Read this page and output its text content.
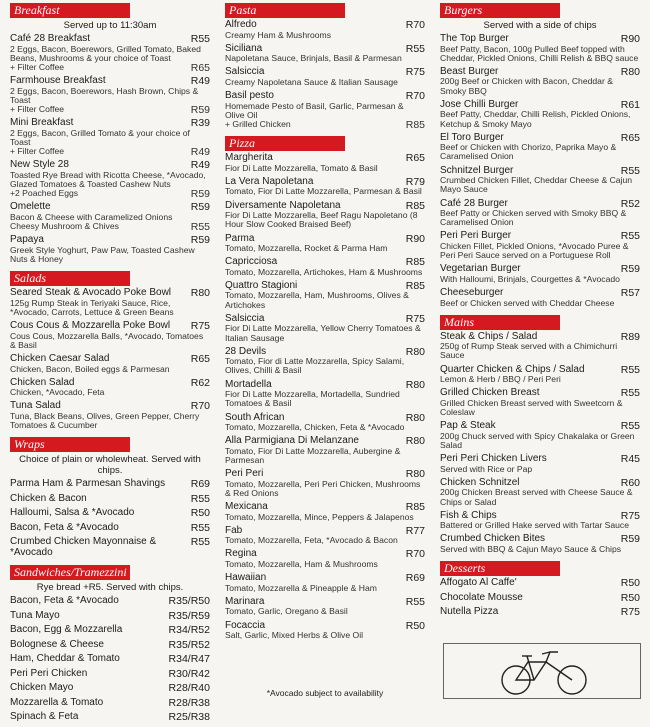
Breakfast
Served up to 11:30am
Café 28 Breakfast	R55
2 Eggs, Bacon, Boerewors, Grilled Tomato, Baked Beans, Mushrooms & your choice of Toast
+ Filter Coffee	R65
Farmhouse Breakfast	R49
2 Eggs, Bacon, Boerewors, Hash Brown, Chips & Toast
+ Filter Coffee	R59
Mini Breakfast	R39
2 Eggs, Bacon, Grilled Tomato & your choice of Toast
+ Filter Coffee	R49
New Style 28	R49
Toasted Rye Bread with Ricotta Cheese, *Avocado, Glazed Tomatoes & Toasted Cashew Nuts
+2 Poached Eggs	R59
Omelette	R59
Bacon & Cheese with Caramelized Onions
Cheesy Mushroom & Chives	R55
Papaya	R59
Greek Style Yoghurt, Paw Paw, Toasted Cashew Nuts & Honey
Salads
Seared Steak & Avocado Poke Bowl	R80
125g Rump Steak in Teriyaki Sauce, Rice, *Avocado, Carrots, Lettuce & Green Beans
Cous Cous & Mozzarella Poke Bowl	R75
Cous Cous, Mozzarella Balls, *Avocado, Tomatoes & Basil
Chicken Caesar Salad	R65
Chicken, Bacon, Boiled eggs & Parmesan
Chicken Salad	R62
Chicken, *Avocado, Feta
Tuna Salad	R70
Tuna, Black Beans, Olives, Green Pepper, Cherry Tomatoes & Cucumber
Wraps
Choice of plain or wholewheat. Served with chips.
Parma Ham & Parmesan Shavings	R69
Chicken & Bacon	R55
Halloumi, Salsa & *Avocado	R50
Bacon, Feta & *Avocado	R55
Crumbed Chicken Mayonnaise & *Avocado
R55
Sandwiches/Tramezzini
Rye bread +R5. Served with chips.
Bacon, Feta & *Avocado	R35/R50
Tuna Mayo	R35/R59
Bacon, Egg & Mozzarella	R34/R52
Bolognese & Cheese	R35/R52
Ham, Cheddar & Tomato	R34/R47
Peri Peri Chicken	R30/R42
Chicken Mayo	R28/R40
Mozzarella & Tomato	R28/R38
Spinach & Feta	R25/R38
Pasta
Alfredo	R70
Creamy Ham & Mushrooms
Siciliana	R55
Napoletana Sauce, Brinjals, Basil & Parmesan
Salsiccia	R75
Creamy Napoletana Sauce & Italian Sausage
Basil pesto	R70
Homemade Pesto of Basil, Garlic, Parmesan & Olive Oil
+ Grilled Chicken	R85
Pizza
Margherita	R65
Fior Di Latte Mozzarella, Tomato & Basil
La Vera Napoletana	R79
Tomato, Fior Di Latte Mozzarella, Parmesan & Basil
Diversamente Napoletana	R85
Fior Di Latte Mozzarella, Beef Ragu Napoletano (8 Hour Slow Cooked Braised Beef)
Parma	R90
Tomato, Mozzarella, Rocket & Parma Ham
Capricciosa	R85
Tomato, Mozzarella, Artichokes, Ham & Mushrooms
Quattro Stagioni	R85
Tomato, Mozzarella, Ham, Mushrooms, Olives & Artichokes
Salsiccia	R75
Fior Di Latte Mozzarella, Yellow Cherry Tomatoes & Italian Sausage
28 Devils	R80
Tomato, Fior di Latte Mozzarella, Spicy Salami, Olives, Chilli & Basil
Mortadella	R80
Fior Di Latte Mozzarella, Mortadella, Sundried Tomatoes & Basil
South African	R80
Tomato, Mozzarella, Chicken, Feta & *Avocado
Alla Parmigiana Di Melanzane	R80
Tomato, Fior Di Latte Mozzarella, Aubergine & Parmesan
Peri Peri	R80
Tomato, Mozzarella, Peri Peri Chicken, Mushrooms & Red Onions
Mexicana	R85
Tomato, Mozzarella, Mince, Peppers & Jalapenos
Fab	R77
Tomato, Mozzarella, Feta, *Avocado & Bacon
Regina	R70
Tomato, Mozzarella, Ham & Mushrooms
Hawaiian	R69
Tomato, Mozzarella & Pineapple & Ham
Marinara	R55
Tomato, Garlic, Oregano & Basil
Focaccia	R50
Salt, Garlic, Mixed Herbs & Olive Oil
*Avocado subject to availability
Burgers
Served with a side of chips
The Top Burger	R90
Beef Patty, Bacon, 100g Pulled Beef topped with Cheddar, Pickled Onions, Chilli Relish & BBQ sauce
Beast Burger	R80
200g Beef or Chicken with Bacon, Cheddar & Smoky BBQ
Jose Chilli Burger	R61
Beef Patty, Cheddar, Chilli Relish, Pickled Onions, Ketchup & Smoky Mayo
El Toro Burger	R65
Beef or Chicken with Chorizo, Paprika Mayo & Caramelised Onion
Schnitzel Burger	R55
Crumbed Chicken Fillet, Cheddar Cheese & Cajun Mayo Sauce
Café 28 Burger	R52
Beef Patty or Chicken served with Smoky BBQ & Caramelised Onion
Peri Peri Burger	R55
Chicken Fillet, Pickled Onions, *Avocado Puree & Peri Peri Sauce served on a Portuguese Roll
Vegetarian Burger	R59
With Halloumi, Brinjals, Courgettes & *Avocado
Cheeseburger	R57
Beef or Chicken served with Cheddar Cheese
Mains
Steak & Chips / Salad	R89
250g of Rump Steak served with a Chimichurri Sauce
Quarter Chicken & Chips / Salad	R55
Lemon & Herb / BBQ / Peri Peri
Grilled Chicken Breast	R55
Grilled Chicken Breast served with Sweetcorn & Coleslaw
Pap & Steak	R55
200g Chuck served with Spicy Chakalaka or Green Salad
Peri Peri Chicken Livers	R45
Served with Rice or Pap
Chicken Schnitzel	R60
200g Chicken Breast served with Cheese Sauce & Chips or Salad
Fish & Chips	R75
Battered or Grilled Hake served with Tartar Sauce
Crumbed Chicken Bites	R59
Served with BBQ & Cajun Mayo Sauce & Chips
Desserts
Affogato Al Caffe'	R50
Chocolate Mousse	R50
Nutella Pizza	R75
